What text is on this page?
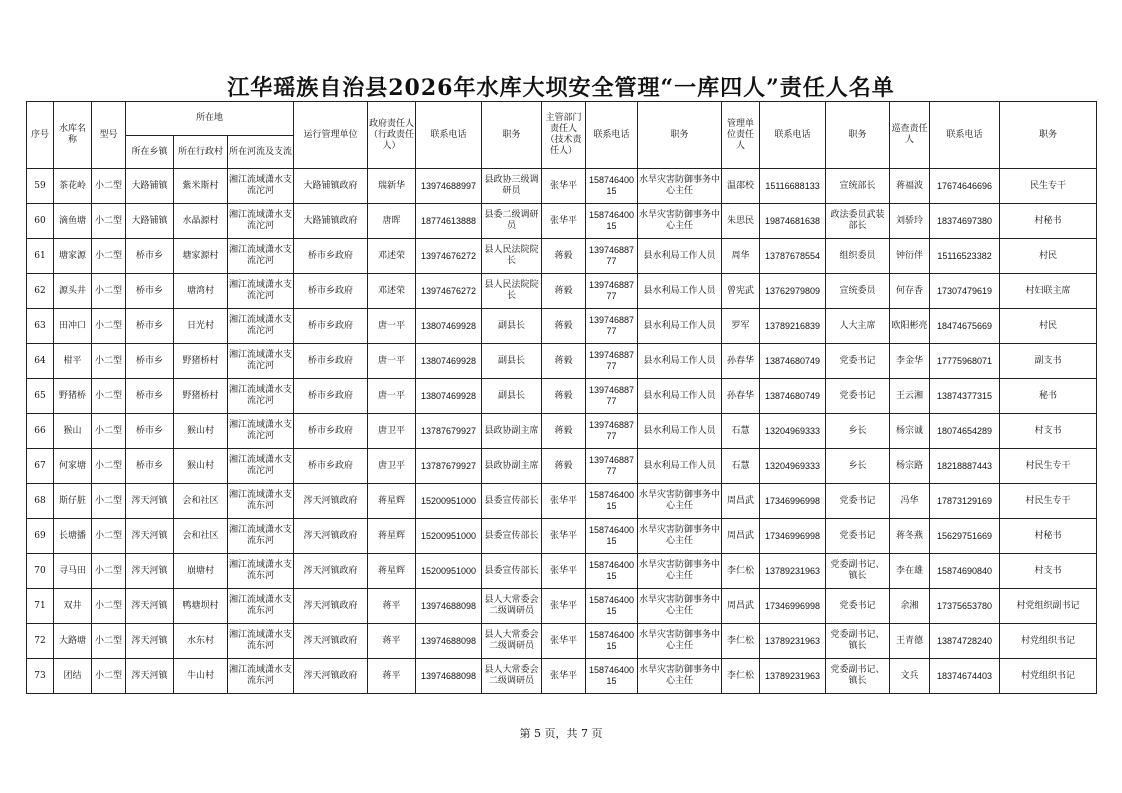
江华瑶族自治县2026年水库大坝安全管理“一库四人”责任人名单
序号	水库名称	型号	所在地			运行管理单位	政府责任人（行政责任人）	联系电话	职务	主管部门责任人（技术责任人）	联系电话	职务	管理单位责任人	联系电话	职务	巡查责任人	联系电话	职务
			所在乡镇	所在行政村	所在河流及支流													
59	茶花岭	小二型	大路铺镇	紫米斯村	湘江流域潇水支流沱河	大路铺镇政府	瑞新华	13974688997	县政协三级调研员	张华平	15874640015	水旱灾害防御事务中心主任	温邵校	15116688133	宣统部长	蒋福波	17674646696	民生专干
60	滴鱼塘	小二型	大路铺镇	水晶源村	湘江流域潇水支流沱河	大路铺镇政府	唐晖	18774613888	县委二级调研员	张华平	15874640015	水旱灾害防御事务中心主任	朱思民	19874681638	政法委员武装部长	刘骄玲	18374697380	村秘书
61	塘家源	小二型	桥市乡	塘家源村	湘江流域潇水支流沱河	桥市乡政府	邓述荣	13974676272	县人民法院院长	蒋毅	13974688777	县水利局工作人员	周华	13787678554	组织委员	钟衍伴	15116523382	村民
62	源头井	小二型	桥市乡	塘湾村	湘江流域潇水支流沱河	桥市乡政府	邓述荣	13974676272	县人民法院院长	蒋毅	13974688777	县水利局工作人员	曾宪武	13762979809	宣统委员	何存香	17307479619	村妇联主席
63	田冲口	小二型	桥市乡	日光村	湘江流域潇水支流沱河	桥市乡政府	唐一平	13807469928	副县长	蒋毅	13974688777	县水利局工作人员	罗军	13789216839	人大主席	欧阳彬亮	18474675669	村民
64	柑平	小二型	桥市乡	野猪桥村	湘江流域潇水支流沱河	桥市乡政府	唐一平	13807469928	副县长	蒋毅	13974688777	县水利局工作人员	孙春华	13874680749	党委书记	李金华	17775968071	副支书
65	野猪桥	小二型	桥市乡	野猪桥村	湘江流域潇水支流沱河	桥市乡政府	唐一平	13807469928	副县长	蒋毅	13974688777	县水利局工作人员	孙春华	13874680749	党委书记	王云湘	13874377315	秘书
66	猴山	小二型	桥市乡	猴山村	湘江流域潇水支流沱河	桥市乡政府	唐卫平	13787679927	县政协副主席	蒋毅	13974688777	县水利局工作人员	石慧	13204969333	乡长	杨宗诚	18074654289	村支书
67	何家塘	小二型	桥市乡	猴山村	湘江流域潇水支流沱河	桥市乡政府	唐卫平	13787679927	县政协副主席	蒋毅	13974688777	县水利局工作人员	石慧	13204969333	乡长	杨宗路	18218887443	村民生专干
68	斯仔脏	小二型	涔天河镇	会和社区	湘江流域潇水支流东河	涔天河镇政府	蒋星辉	15200951000	县委宣传部长	张华平	15874640015	水旱灾害防御事务中心主任	周昌武	17346996998	党委书记	冯华	17873129169	村民生专干
69	长塘播	小二型	涔天河镇	会和社区	湘江流域潇水支流东河	涔天河镇政府	蒋星辉	15200951000	县委宣传部长	张华平	15874640015	水旱灾害防御事务中心主任	周昌武	17346996998	党委书记	蒋冬燕	15629751669	村秘书
70	寻马田	小二型	涔天河镇	崩塘村	湘江流域潇水支流东河	涔天河镇政府	蒋星辉	15200951000	县委宣传部长	张华平	15874640015	水旱灾害防御事务中心主任	李仁松	13789231963	党委副书记、镇长	李在雄	15874690840	村支书
71	双井	小二型	涔天河镇	鸭塘坝村	湘江流域潇水支流东河	涔天河镇政府	蒋平	13974688098	县人大常委会二级调研员	张华平	15874640015	水旱灾害防御事务中心主任	周昌武	17346996998	党委书记	余湘	17375653780	村党组织副书记
72	大路塘	小二型	涔天河镇	水东村	湘江流域潇水支流东河	涔天河镇政府	蒋平	13974688098	县人大常委会二级调研员	张华平	15874640015	水旱灾害防御事务中心主任	李仁松	13789231963	党委副书记、镇长	王青德	13874728240	村党组织书记
73	团结	小二型	涔天河镇	牛山村	湘江流域潇水支流东河	涔天河镇政府	蒋平	13974688098	县人大常委会二级调研员	张华平	15874640015	水旱灾害防御事务中心主任	李仁松	13789231963	党委副书记、镇长	文兵	18374674403	村党组织书记
第 5 页，共 7 页
